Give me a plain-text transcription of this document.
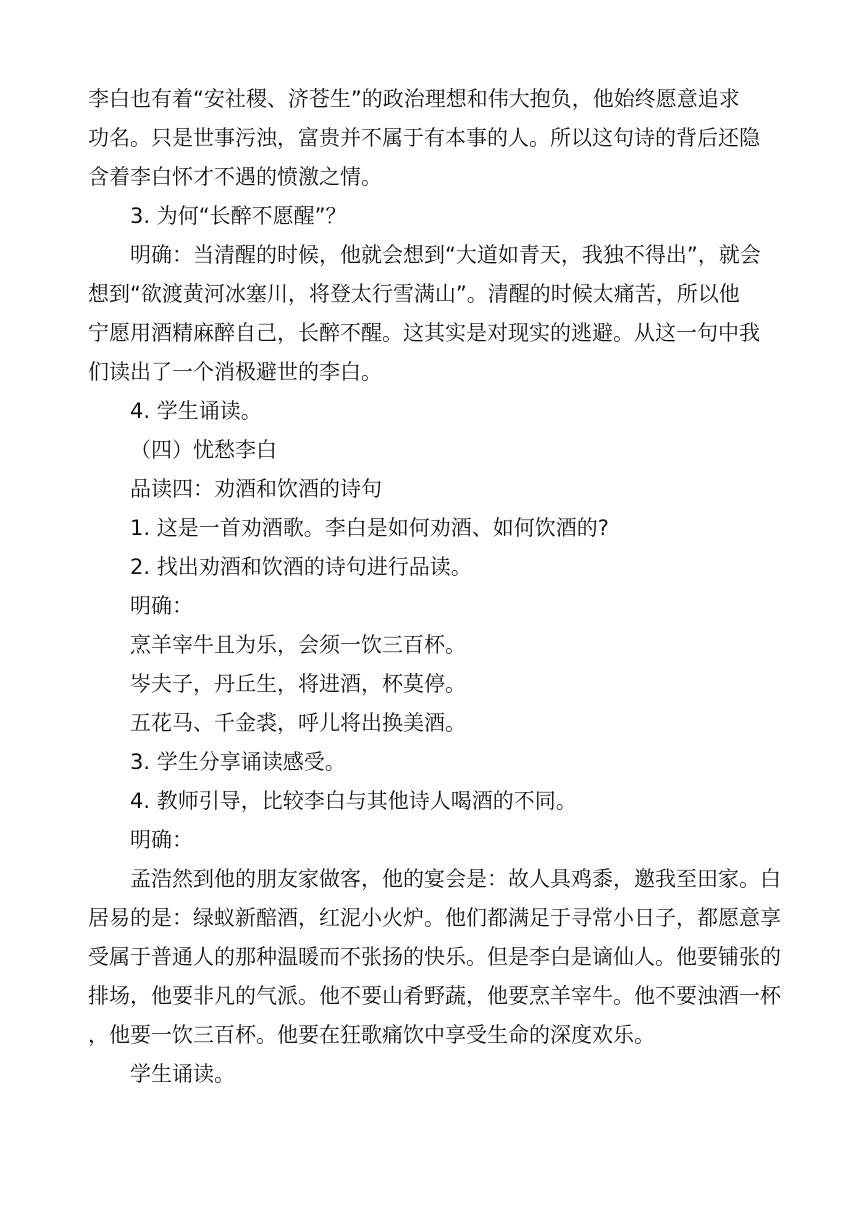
李白也有着“安社稷、济苍生”的政治理想和伟大抱负，他始终愿意追求
功名。只是世事污浊，富贵并不属于有本事的人。所以这句诗的背后还隐
含着李白怀才不遇的愤激之情。
3. 为何“长醉不愿醒”？
明确：当清醒的时候，他就会想到“大道如青天，我独不得出”，就会
想到“欲渡黄河冰塞川，将登太行雪满山”。清醒的时候太痛苦，所以他
宁愿用酒精麻醉自己，长醉不醒。这其实是对现实的逃避。从这一句中我
们读出了一个消极避世的李白。
4. 学生诵读。
（四）忧愁李白
品读四：劝酒和饮酒的诗句
1. 这是一首劝酒歌。李白是如何劝酒、如何饮酒的?
2. 找出劝酒和饮酒的诗句进行品读。
明确：
烹羊宰牛且为乐，会须一饮三百杯。
岑夫子，丹丘生，将进酒，杯莫停。
五花马、千金裘，呼儿将出换美酒。
3. 学生分享诵读感受。
4. 教师引导，比较李白与其他诗人喝酒的不同。
明确：
孟浩然到他的朋友家做客，他的宴会是：故人具鸡黍，邀我至田家。白
居易的是：绿蚁新醅酒，红泥小火炉。他们都满足于寻常小日子，都愿意享
受属于普通人的那种温暖而不张扬的快乐。但是李白是谪仙人。他要铺张的
排场，他要非凡的气派。他不要山肴野蔬，他要烹羊宰牛。他不要浊酒一杯
，他要一饮三百杯。他要在狂歌痛饮中享受生命的深度欢乐。
学生诵读。
